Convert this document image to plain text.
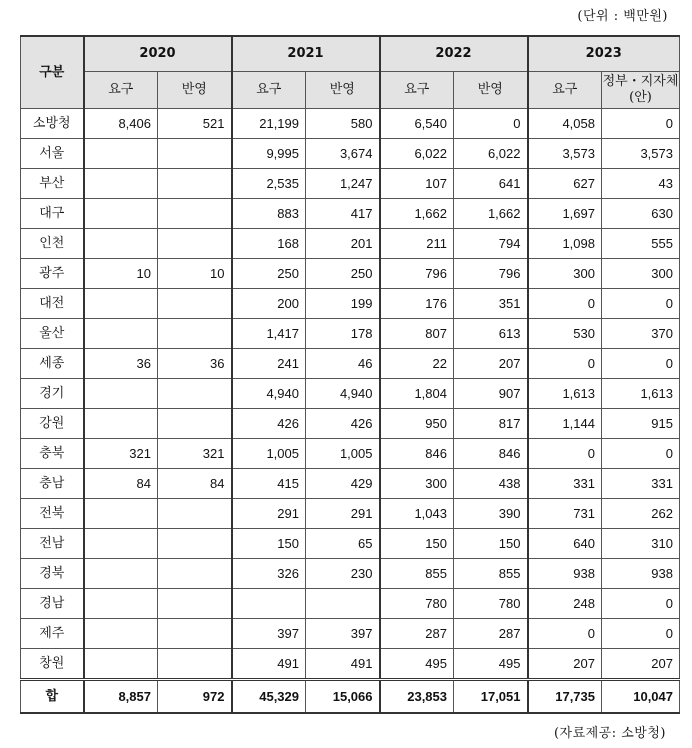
(단위 : 백만원)
구분	2020		2021		2022		2023	
	요구	반영	요구	반영	요구	반영	요구	정부・지자체(안)
소방청	8,406	521	21,199	580	6,540	0	4,058	0
서울			9,995	3,674	6,022	6,022	3,573	3,573
부산			2,535	1,247	107	641	627	43
대구			883	417	1,662	1,662	1,697	630
인천			168	201	211	794	1,098	555
광주	10	10	250	250	796	796	300	300
대전			200	199	176	351	0	0
울산			1,417	178	807	613	530	370
세종	36	36	241	46	22	207	0	0
경기			4,940	4,940	1,804	907	1,613	1,613
강원			426	426	950	817	1,144	915
충북	321	321	1,005	1,005	846	846	0	0
충남	84	84	415	429	300	438	331	331
전북			291	291	1,043	390	731	262
전남			150	65	150	150	640	310
경북			326	230	855	855	938	938
경남					780	780	248	0
제주			397	397	287	287	0	0
창원			491	491	495	495	207	207
합	8,857	972	45,329	15,066	23,853	17,051	17,735	10,047
(자료제공: 소방청)
